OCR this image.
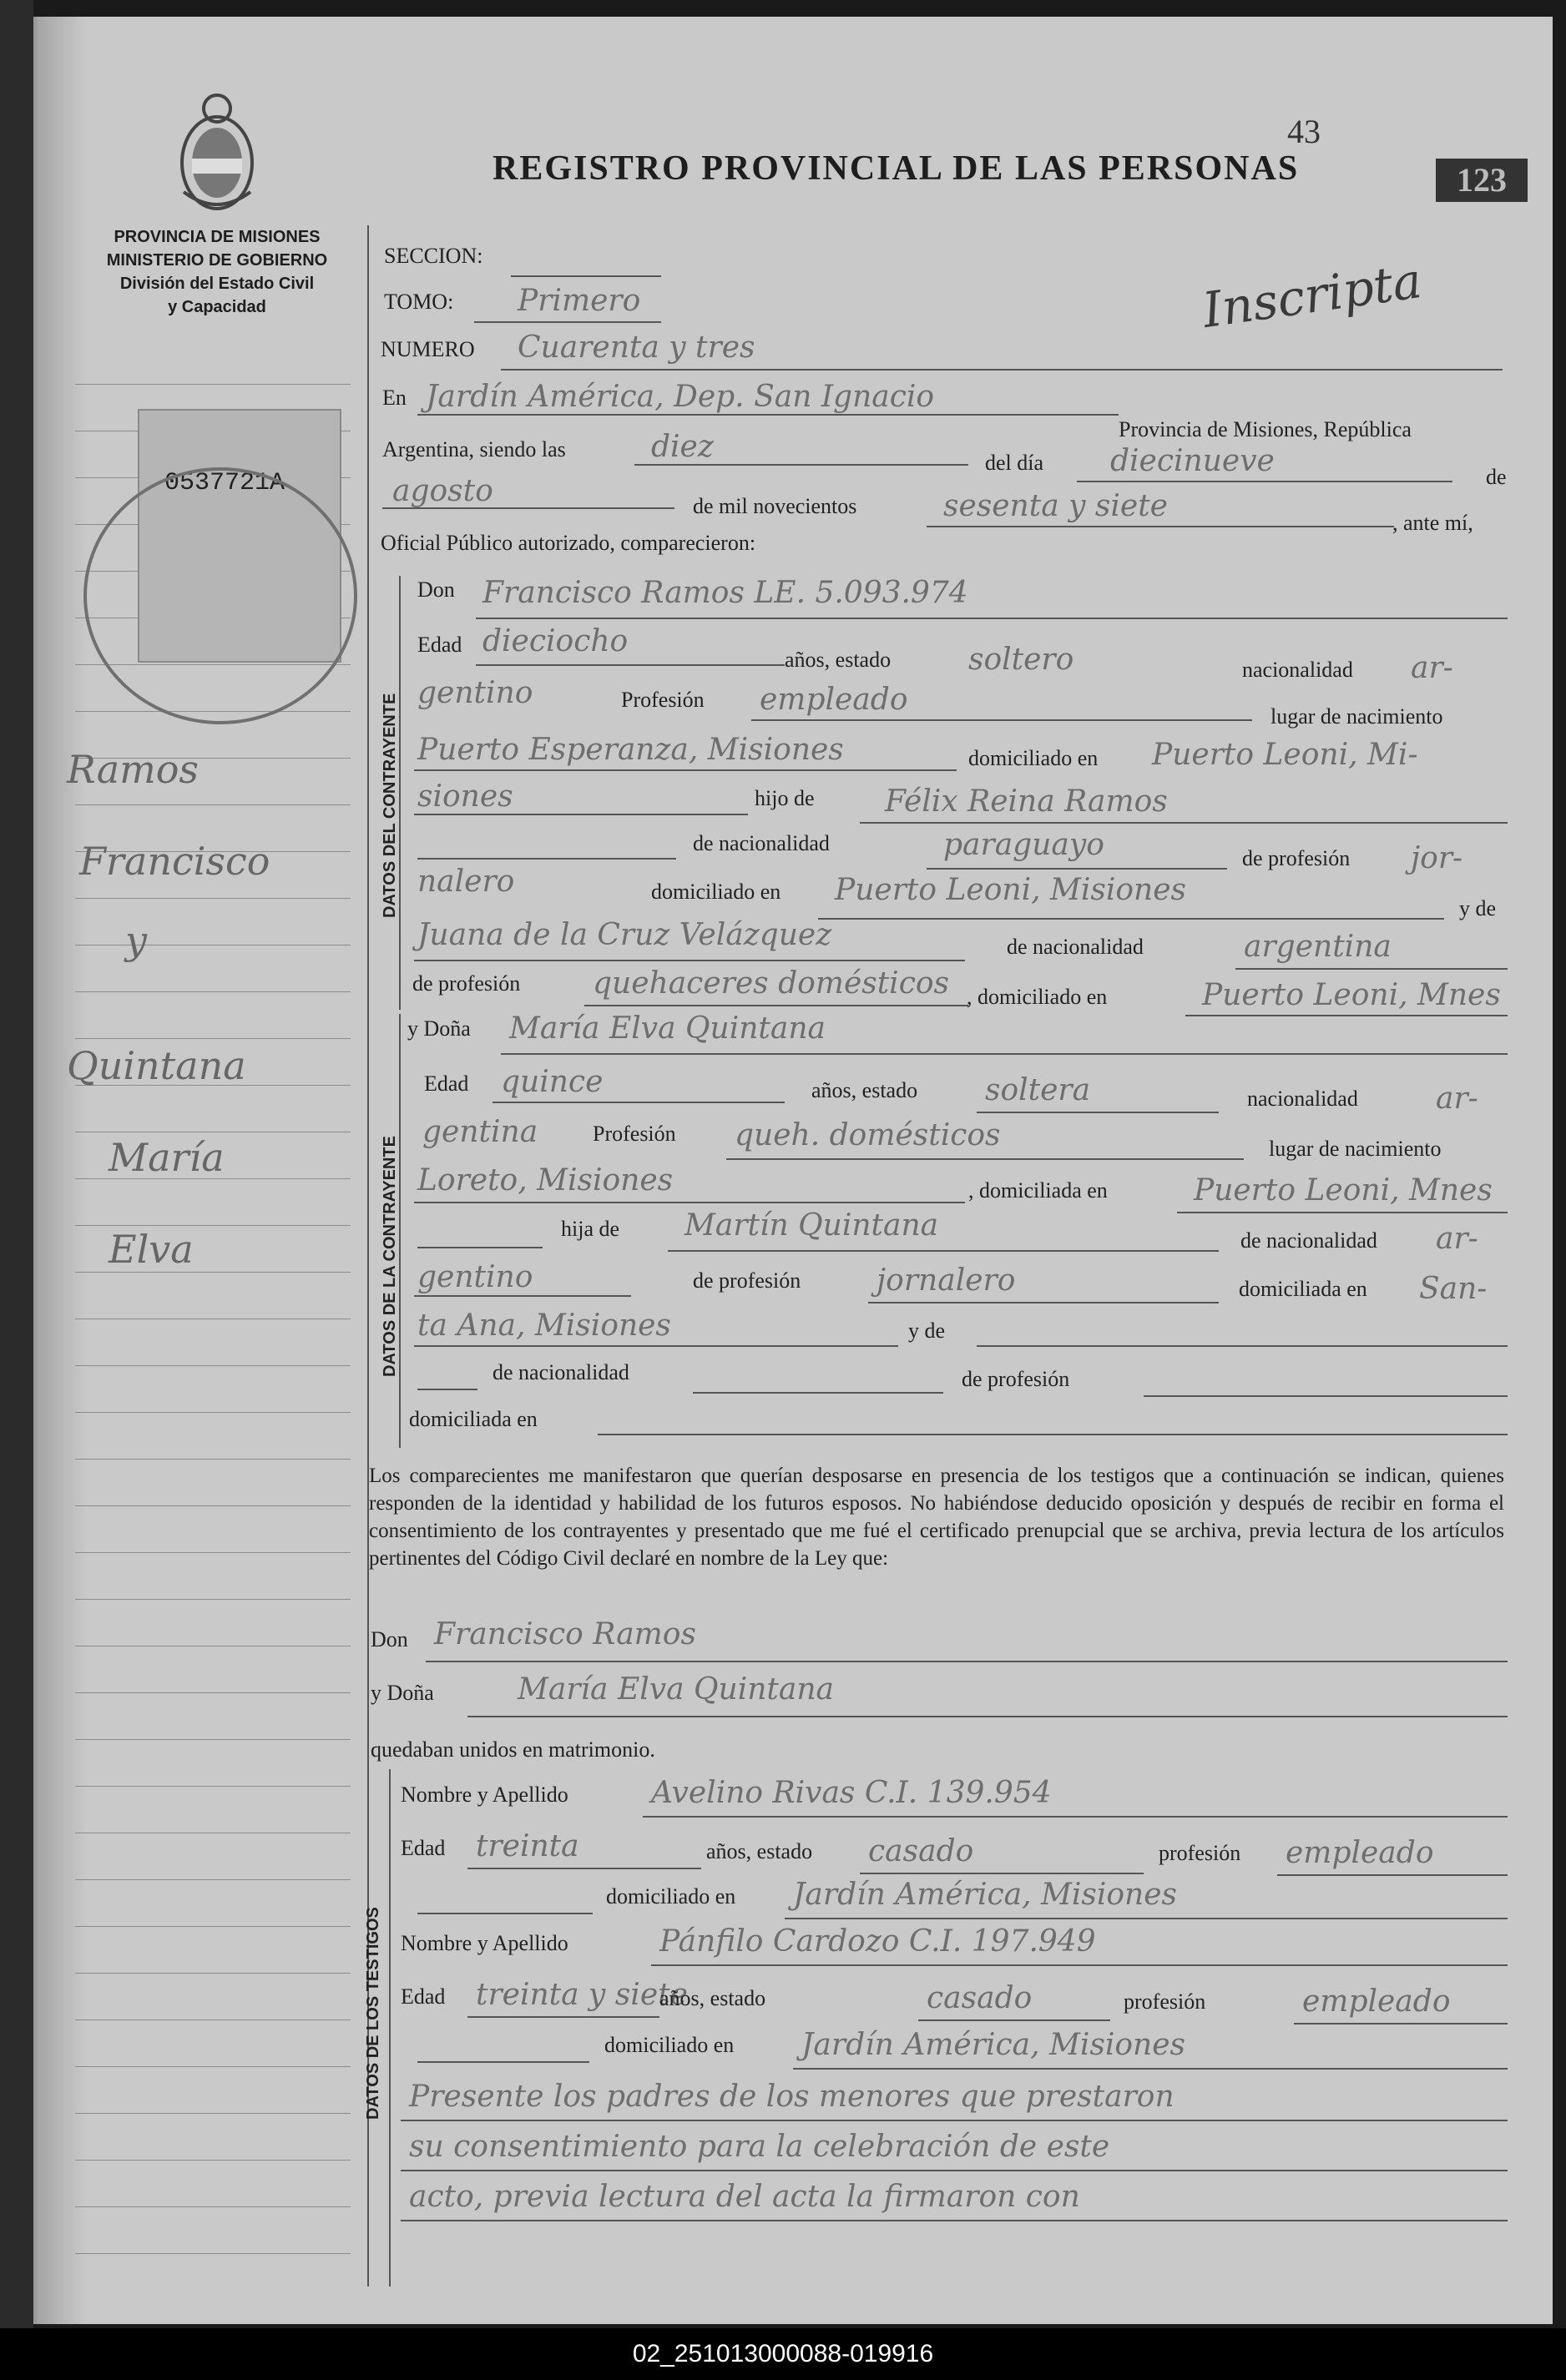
PROVINCIA DE MISIONES
MINISTERIO DE GOBIERNO
División del Estado Civil
y Capacidad
0537721A
43
REGISTRO PROVINCIAL DE LAS PERSONAS	123
Inscripta
Ramos
Francisco
y
Quintana
María
Elva
SECCION:
TOMO: Primero
NUMERO Cuarenta y tres
En Jardín América, Dep. San Ignacio
Provincia de Misiones, República
Argentina, siendo las	diez	del día diecinueve	de
agosto	de mil novecientos	sesenta y siete	, ante mí,
Oficial Público autorizado, comparecieron:
DATOS DEL CONTRAYENTE
Don Francisco Ramos LE. 5.093.974
Edad dieciocho
años, estado	soltero	nacionalidad ar-
gentino	Profesión empleado	lugar de nacimiento
Puerto Esperanza, Misiones	domiciliado en Puerto Leoni, Mi-
siones	hijo de Félix Reina Ramos
de nacionalidad	paraguayo	de profesión jor-
nalero	domiciliado en Puerto Leoni, Misiones
y de
Juana de la Cruz Velázquez	de nacionalidad	argentina
de profesión quehaceres domésticos , domiciliado en	Puerto Leoni, Mnes
DATOS DE LA CONTRAYENTE
y Doña María Elva Quintana
Edad quince	años, estado soltera	nacionalidad	ar-
gentina	Profesión queh. domésticos	lugar de nacimiento
Loreto, Misiones	, domiciliada en	Puerto Leoni, Mnes
hija de Martín Quintana	de nacionalidad ar-
gentino	de profesión	jornalero	domiciliada en San-
ta Ana, Misiones	y de
de nacionalidad	de profesión
domiciliada en
Los comparecientes me manifestaron que querían desposarse en presencia de los testigos que a continuación se indican, quienes responden de la identidad y habilidad de los futuros esposos. No habiéndose deducido oposición y después de recibir en forma el consentimiento de los contrayentes y presentado que me fué el certificado prenupcial que se archiva, previa lectura de los artículos pertinentes del Código Civil declaré en nombre de la Ley que:
Don Francisco Ramos
y Doña	María Elva Quintana
quedaban unidos en matrimonio.
DATOS DE LOS TESTIGOS
Nombre y Apellido	Avelino Rivas C.I. 139.954
Edad treinta	años, estado casado	profesión empleado
domiciliado en Jardín América, Misiones
Nombre y Apellido	Pánfilo Cardozo C.I. 197.949
Edad treinta y siete
años, estado	casado	profesión	empleado
domiciliado en Jardín América, Misiones
Presente los padres de los menores que prestaron
su consentimiento para la celebración de este
acto, previa lectura del acta la firmaron con
02_251013000088-019916
